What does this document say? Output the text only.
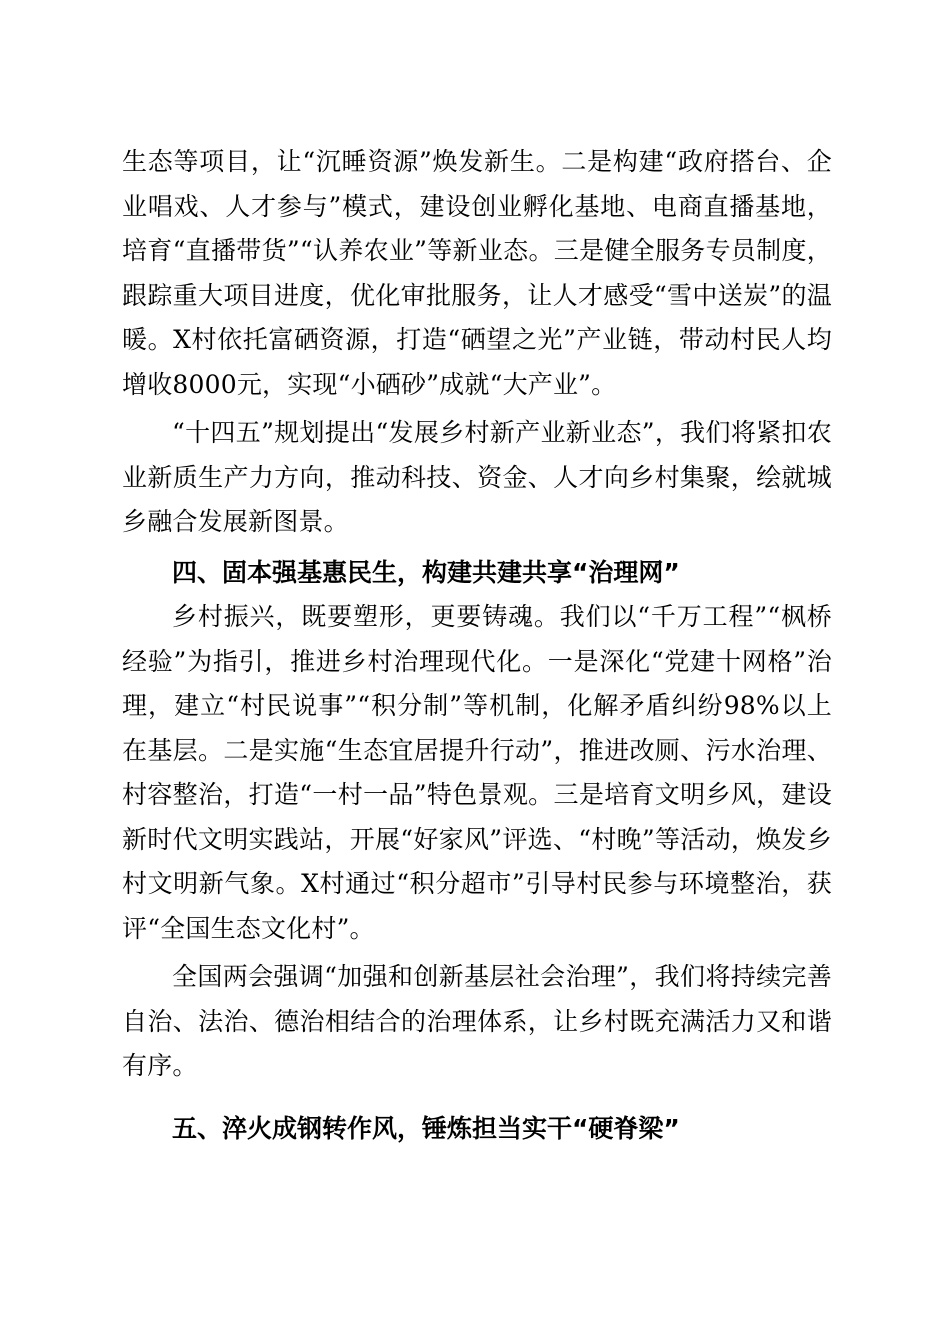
生态等项目，让“沉睡资源”焕发新生。二是构建“政府搭台、企业唱戏、人才参与”模式，建设创业孵化基地、电商直播基地，培育“直播带货”“认养农业”等新业态。三是健全服务专员制度，跟踪重大项目进度，优化审批服务，让人才感受“雪中送炭”的温暖。X村依托富硒资源，打造“硒望之光”产业链，带动村民人均增收8000元，实现“小硒砂”成就“大产业”。

“十四五”规划提出“发展乡村新产业新业态”，我们将紧扣农业新质生产力方向，推动科技、资金、人才向乡村集聚，绘就城乡融合发展新图景。

四、固本强基惠民生，构建共建共享“治理网”

乡村振兴，既要塑形，更要铸魂。我们以“千万工程”“枫桥经验”为指引，推进乡村治理现代化。一是深化“党建十网格”治理，建立“村民说事”“积分制”等机制，化解矛盾纠纷98%以上在基层。二是实施“生态宜居提升行动”，推进改厕、污水治理、村容整治，打造“一村一品”特色景观。三是培育文明乡风，建设新时代文明实践站，开展“好家风”评选、“村晚”等活动，焕发乡村文明新气象。X村通过“积分超市”引导村民参与环境整治，获评“全国生态文化村”。

全国两会强调“加强和创新基层社会治理”，我们将持续完善自治、法治、德治相结合的治理体系，让乡村既充满活力又和谐有序。

五、淬火成钢转作风，锤炼担当实干“硬脊梁”
